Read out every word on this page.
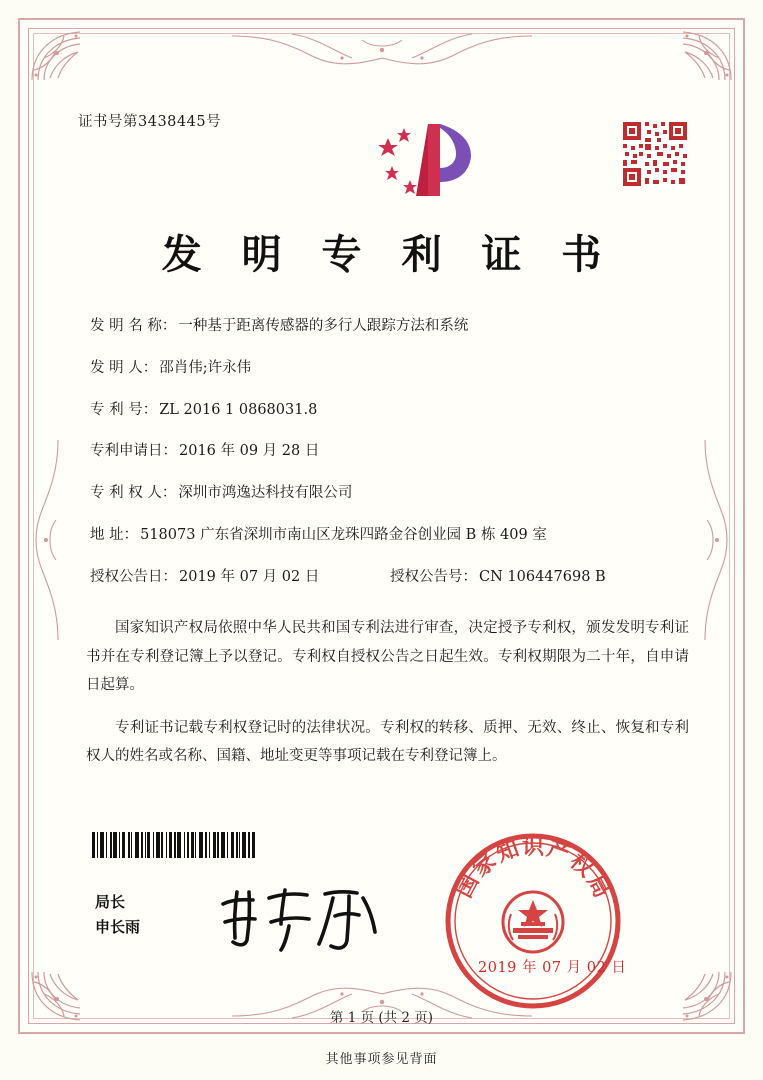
证书号第3438445号
发 明 专 利 证 书
发 明 名 称： 一种基于距离传感器的多行人跟踪方法和系统
发 明 人： 邵肖伟;许永伟
专 利 号： ZL 2016 1 0868031.8
专利申请日： 2016 年 09 月 28 日
专 利 权 人： 深圳市鸿逸达科技有限公司
地 址： 518073 广东省深圳市南山区龙珠四路金谷创业园 B 栋 409 室
授权公告日： 2019 年 07 月 02 日	授权公告号： CN 106447698 B

国家知识产权局依照中华人民共和国专利法进行审查，决定授予专利权，颁发发明专利证书并在专利登记簿上予以登记。专利权自授权公告之日起生效。专利权期限为二十年，自申请日起算。

专利证书记载专利权登记时的法律状况。专利权的转移、质押、无效、终止、恢复和专利权人的姓名或名称、国籍、地址变更等事项记载在专利登记簿上。

局长
申长雨
国
家
知 识 产
权
局
2019 年 07 月 02 日
第 1 页 (共 2 页)
其他事项参见背面
